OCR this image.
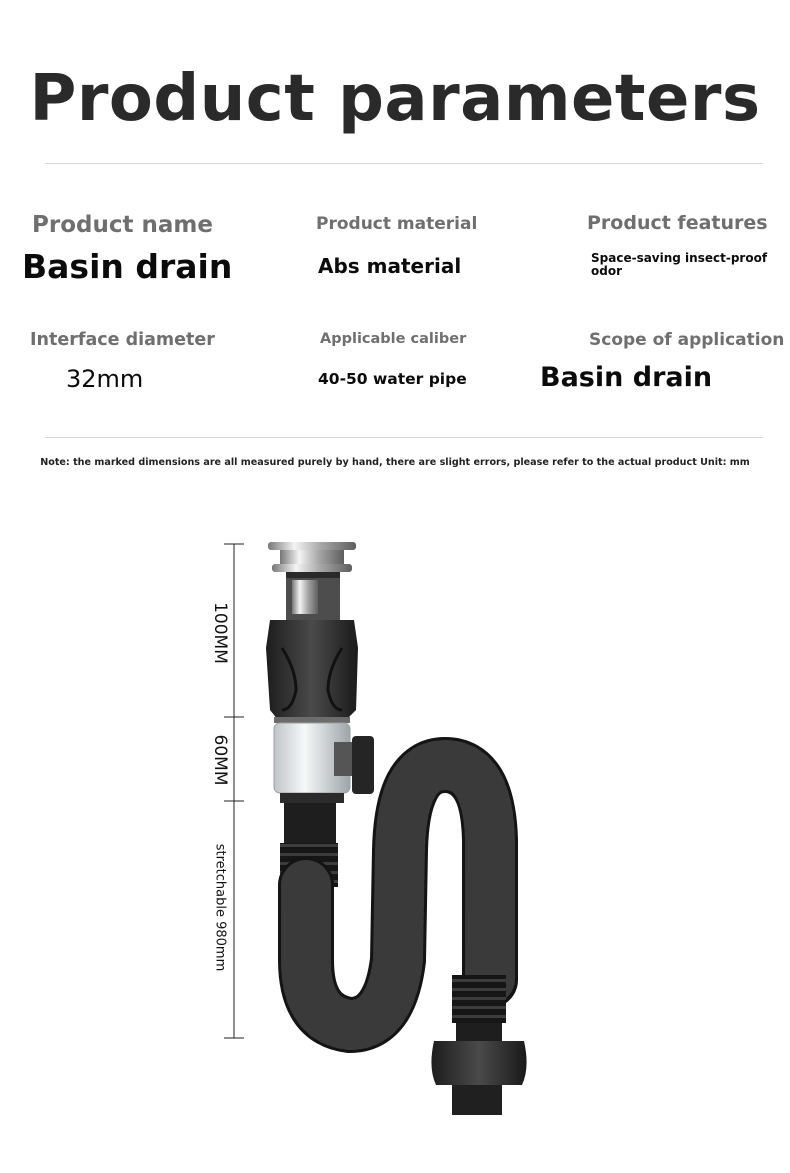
Product parameters
Product name
Basin drain
Product material
Abs material
Product features
Space-saving insect-proof odor
Interface diameter
32mm
Applicable caliber
40-50 water pipe
Scope of application
Basin drain
Note: the marked dimensions are all measured purely by hand, there are slight errors, please refer to the actual product Unit: mm
100MM
60MM
stretchable 980mm
